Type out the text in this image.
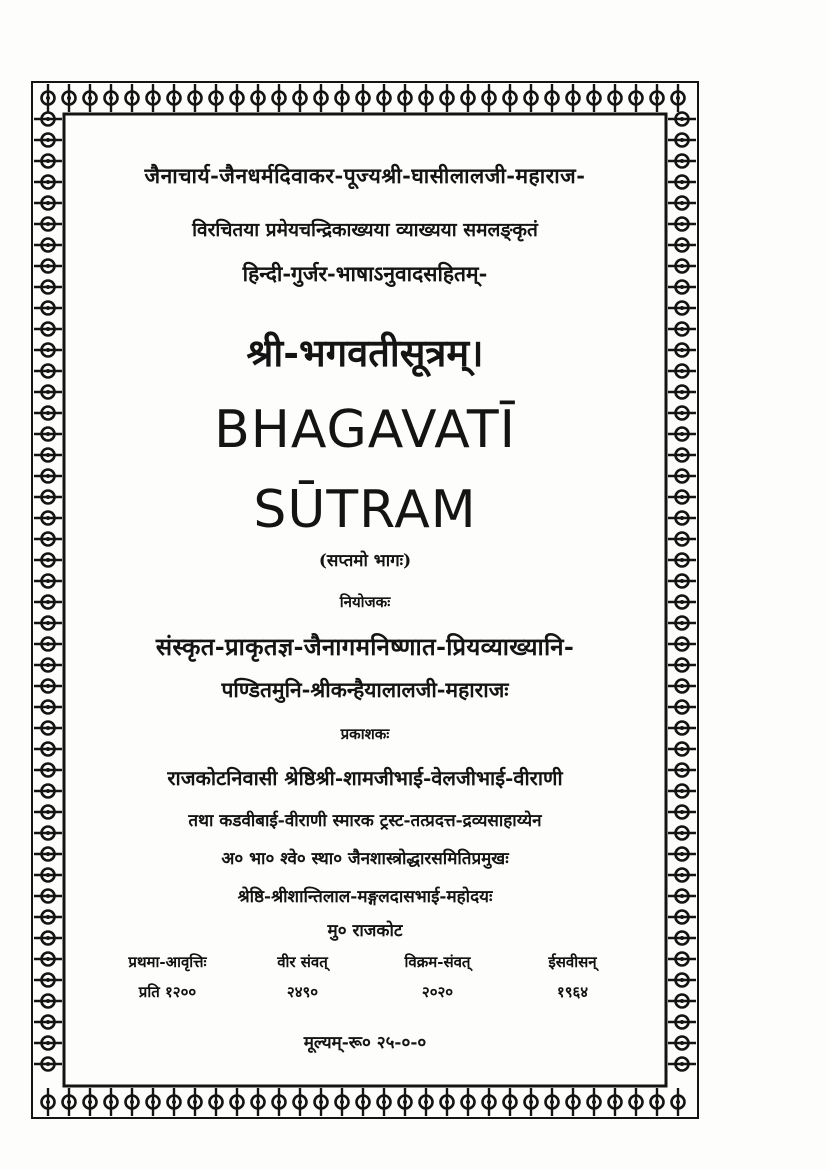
जैनाचार्य-जैनधर्मदिवाकर-पूज्यश्री-घासीलालजी-महाराज-
विरचितया प्रमेयचन्द्रिकाख्यया व्याख्यया समलङ्कृतं
हिन्दी-गुर्जर-भाषाऽनुवादसहितम्-
श्री-भगवतीसूत्रम्।
BHAGAVATĪ
SŪTRAM
(सप्तमो भागः)
नियोजकः
संस्कृत-प्राकृतज्ञ-जैनागमनिष्णात-प्रियव्याख्यानि-
पण्डितमुनि-श्रीकन्हैयालालजी-महाराजः
प्रकाशकः
राजकोटनिवासी श्रेष्ठिश्री-शामजीभाई-वेलजीभाई-वीराणी
तथा कडवीबाई-वीराणी स्मारक ट्रस्ट-तत्प्रदत्त-द्रव्यसाहाय्येन
अ० भा० श्वे० स्था० जैनशास्त्रोद्धारसमितिप्रमुखः
श्रेष्ठि-श्रीशान्तिलाल-मङ्गलदासभाई-महोदयः
मु० राजकोट
प्रथमा-आवृत्तिः	वीर संवत्	विक्रम-संवत्	ईसवीसन्
प्रति १२००	२४९०	२०२०	१९६४
मूल्यम्-रू० २५-०-०
